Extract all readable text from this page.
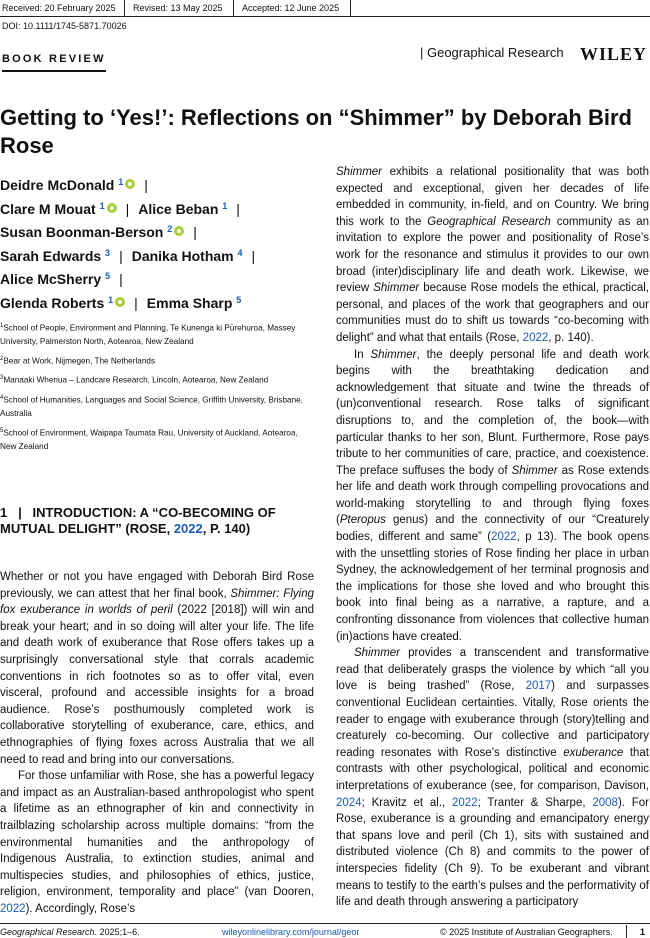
Received: 20 February 2025 Revised: 13 May 2025 Accepted: 12 June 2025
DOI: 10.1111/1745-5871.70026
BOOK REVIEW	| Geographical Research WILEY
Getting to ‘Yes!’: Reflections on “Shimmer” by Deborah Bird Rose
Deidre McDonald $^1$ |
Clare M Mouat $^1$ | Alice Beban $^1$ |
Susan Boonman-Berson $^2$ |
Sarah Edwards $^3$ | Danika Hotham $^4$ |
Alice McSherry $^5$ |
Glenda Roberts $^1$ | Emma Sharp $^5$

$^1$School of People, Environment and Planning, Te Kunenga ki Pūrehuroa, Massey University, Palmerston North, Aotearoa, New Zealand

$^2$Bear at Work, Nijmegen, The Netherlands

$^3$Manaaki Whenua – Landcare Research, Lincoln, Aotearoa, New Zealand

$^4$School of Humanities, Languages and Social Science, Griffith University, Brisbane, Australia

$^5$School of Environment, Waipapa Taumata Rau, University of Auckland, Aotearoa, New Zealand

1   |   INTRODUCTION: A “CO-BECOMING OF MUTUAL DELIGHT” (ROSE, 2022, P. 140)

Whether or not you have engaged with Deborah Bird Rose previously, we can attest that her final book, Shimmer: Flying fox exuberance in worlds of peril (2022 [2018]) will win and break your heart; and in so doing will alter your life. The life and death work of exuberance that Rose offers takes up a surprisingly conversational style that corrals academic conventions in rich footnotes so as to offer vital, even visceral, profound and accessible insights for a broad audience. Rose’s posthumously completed work is collaborative storytelling of exuberance, care, ethics, and ethnographies of flying foxes across Australia that we all need to read and bring into our conversations.

For those unfamiliar with Rose, she has a powerful legacy and impact as an Australian-based anthropologist who spent a lifetime as an ethnographer of kin and connectivity in trailblazing scholarship across multiple domains: “from the environmental humanities and the anthropology of Indigenous Australia, to extinction studies, animal and multispecies studies, and philosophies of ethics, justice, religion, environment, temporality and place” (van Dooren, 2022). Accordingly, Rose’s

Shimmer exhibits a relational positionality that was both expected and exceptional, given her decades of life embedded in community, in-field, and on Country. We bring this work to the Geographical Research community as an invitation to explore the power and positionality of Rose’s work for the resonance and stimulus it provides to our own broad (inter)disciplinary life and death work. Likewise, we review Shimmer because Rose models the ethical, practical, personal, and places of the work that geographers and our communities must do to shift us towards “co-becoming with delight” and what that entails (Rose, 2022, p. 140).

In Shimmer, the deeply personal life and death work begins with the breathtaking dedication and acknowledgement that situate and twine the threads of (un)conventional research. Rose talks of significant disruptions to, and the completion of, the book—with particular thanks to her son, Blunt. Furthermore, Rose pays tribute to her communities of care, practice, and coexistence. The preface suffuses the body of Shimmer as Rose extends her life and death work through compelling provocations and world-making storytelling to and through flying foxes (Pteropus genus) and the connectivity of our “Creaturely bodies, different and same” (2022, p 13). The book opens with the unsettling stories of Rose finding her place in urban Sydney, the acknowledgement of her terminal prognosis and the implications for those she loved and who brought this book into final being as a narrative, a rapture, and a confronting dissonance from violences that collective human (in)actions have created.

Shimmer provides a transcendent and transformative read that deliberately grasps the violence by which “all you love is being trashed” (Rose, 2017) and surpasses conventional Euclidean certainties. Vitally, Rose orients the reader to engage with exuberance through (story)telling and creaturely co-becoming. Our collective and participatory reading resonates with Rose’s distinctive exuberance that contrasts with other psychological, political and economic interpretations of exuberance (see, for comparison, Davison, 2024; Kravitz et al., 2022; Tranter & Sharpe, 2008). For Rose, exuberance is a grounding and emancipatory energy that spans love and peril (Ch 1), sits with sustained and distributed violence (Ch 8) and commits to the power of interspecies fidelity (Ch 9). To be exuberant and vibrant means to testify to the earth’s pulses and the performativity of life and death through answering a participatory

Geographical Research. 2025;1–6.	wileyonlinelibrary.com/journal/geor	© 2025 Institute of Australian Geographers.	1
